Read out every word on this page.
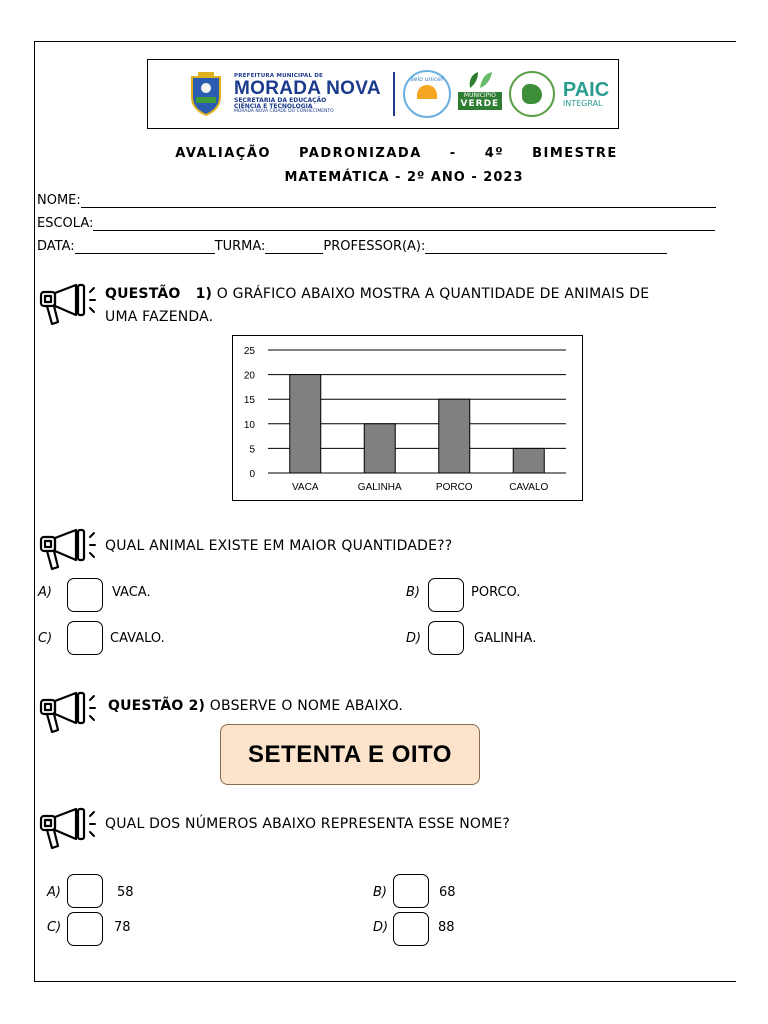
PREFEITURA MUNICIPAL DE
MORADA NOVA
SECRETARIA DA EDUCAÇÃO
CIÊNCIA E TECNOLOGIA
MORADA NOVA CIDADE DO CONHECIMENTO
selo unicef
MUNICÍPIO
VERDE
PAIC
INTEGRAL
AVALIAÇÃO PADRONIZADA - 4º BIMESTRE
MATEMÁTICA - 2º ANO - 2023
NOME:
ESCOLA:
DATA:	TURMA:	PROFESSOR(A):
QUESTÃO 1) O GRÁFICO ABAIXO MOSTRA A QUANTIDADE DE ANIMAIS DE
UMA FAZENDA.
0
5
10
15
20
25
VACA	GALINHA	PORCO	CAVALO
QUAL ANIMAL EXISTE EM MAIOR QUANTIDADE??
A)	VACA.	B)	PORCO.
C)	CAVALO.	D)	GALINHA.
QUESTÃO 2) OBSERVE O NOME ABAIXO.
SETENTA E OITO
QUAL DOS NÚMEROS ABAIXO REPRESENTA ESSE NOME?
A)	58	B)	68
C)	78	D)	88
